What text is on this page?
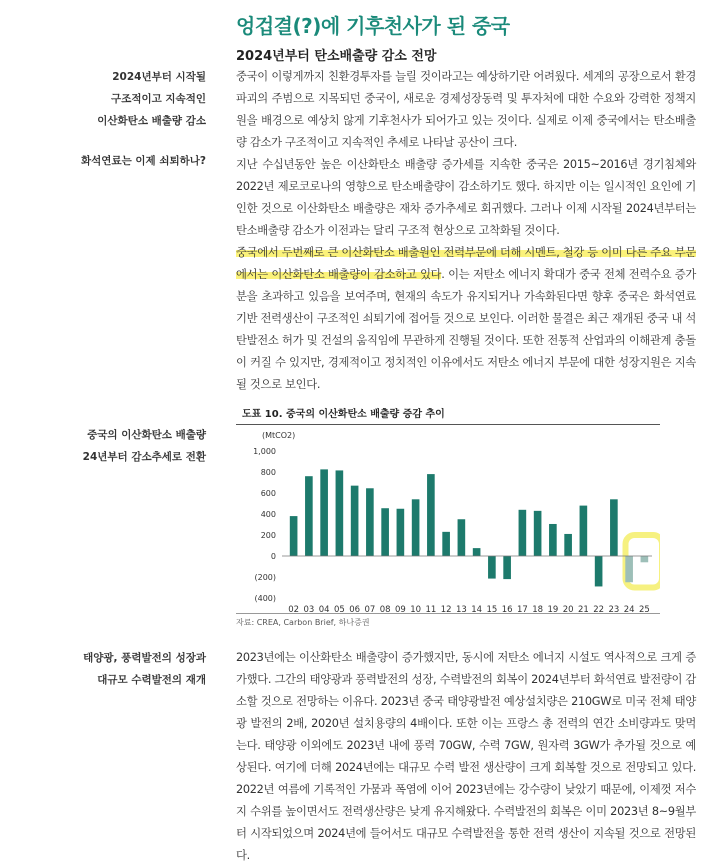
엉겁결(?)에 기후천사가 된 중국
2024년부터 탄소배출량 감소 전망
2024년부터 시작될
구조적이고 지속적인
이산화탄소 배출량 감소
화석연료는 이제 쇠퇴하나?
중국의 이산화탄소 배출량
24년부터 감소추세로 전환
태양광, 풍력발전의 성장과
대규모 수력발전의 재개

중국이 이렇게까지 친환경투자를 늘릴 것이라고는 예상하기란 어려웠다. 세계의 공장으로서 환경파괴의 주범으로 지목되던 중국이, 새로운 경제성장동력 및 투자처에 대한 수요와 강력한 정책지원을 배경으로 예상치 않게 기후천사가 되어가고 있는 것이다. 실제로 이제 중국에서는 탄소배출량 감소가 구조적이고 지속적인 추세로 나타날 공산이 크다.

지난 수십년동안 높은 이산화탄소 배출량 증가세를 지속한 중국은 2015~2016년 경기침체와 2022년 제로코로나의 영향으로 탄소배출량이 감소하기도 했다. 하지만 이는 일시적인 요인에 기인한 것으로 이산화탄소 배출량은 재차 증가추세로 회귀했다. 그러나 이제 시작될 2024년부터는 탄소배출량 감소가 이전과는 달리 구조적 현상으로 고착화될 것이다.

중국에서 두번째로 큰 이산화탄소 배출원인 전력부문에 더해 시멘트, 철강 등 이미 다른 주요 부문에서는 이산화탄소 배출량이 감소하고 있다. 이는 저탄소 에너지 확대가 중국 전체 전력수요 증가분을 초과하고 있음을 보여주며, 현재의 속도가 유지되거나 가속화된다면 향후 중국은 화석연료기반 전력생산이 구조적인 쇠퇴기에 접어들 것으로 보인다. 이러한 물결은 최근 재개된 중국 내 석탄발전소 허가 및 건설의 움직임에 무관하게 진행될 것이다. 또한 전통적 산업과의 이해관계 충돌이 커질 수 있지만, 경제적이고 정치적인 이유에서도 저탄소 에너지 부문에 대한 성장지원은 지속될 것으로 보인다.

도표 10. 중국의 이산화탄소 배출량 증감 추이
(MtCO2)
1,000
800
600
400
200
0
(200)
(400)
02 03 04 05 06 07 08 09 10 11 12 13 14 15 16 17 18 19 20 21 22 23 24 25
자료: CREA, Carbon Brief, 하나증권

2023년에는 이산화탄소 배출량이 증가했지만, 동시에 저탄소 에너지 시설도 역사적으로 크게 증가했다. 그간의 태양광과 풍력발전의 성장, 수력발전의 회복이 2024년부터 화석연료 발전량이 감소할 것으로 전망하는 이유다. 2023년 중국 태양광발전 예상설치량은 210GW로 미국 전체 태양광 발전의 2배, 2020년 설치용량의 4배이다. 또한 이는 프랑스 총 전력의 연간 소비량과도 맞먹는다. 태양광 이외에도 2023년 내에 풍력 70GW, 수력 7GW, 원자력 3GW가 추가될 것으로 예상된다. 여기에 더해 2024년에는 대규모 수력 발전 생산량이 크게 회복할 것으로 전망되고 있다. 2022년 여름에 기록적인 가뭄과 폭염에 이어 2023년에는 강수량이 낮았기 때문에, 이제껏 저수지 수위를 높이면서도 전력생산량은 낮게 유지해왔다. 수력발전의 회복은 이미 2023년 8~9월부터 시작되었으며 2024년에 들어서도 대규모 수력발전을 통한 전력 생산이 지속될 것으로 전망된다.
